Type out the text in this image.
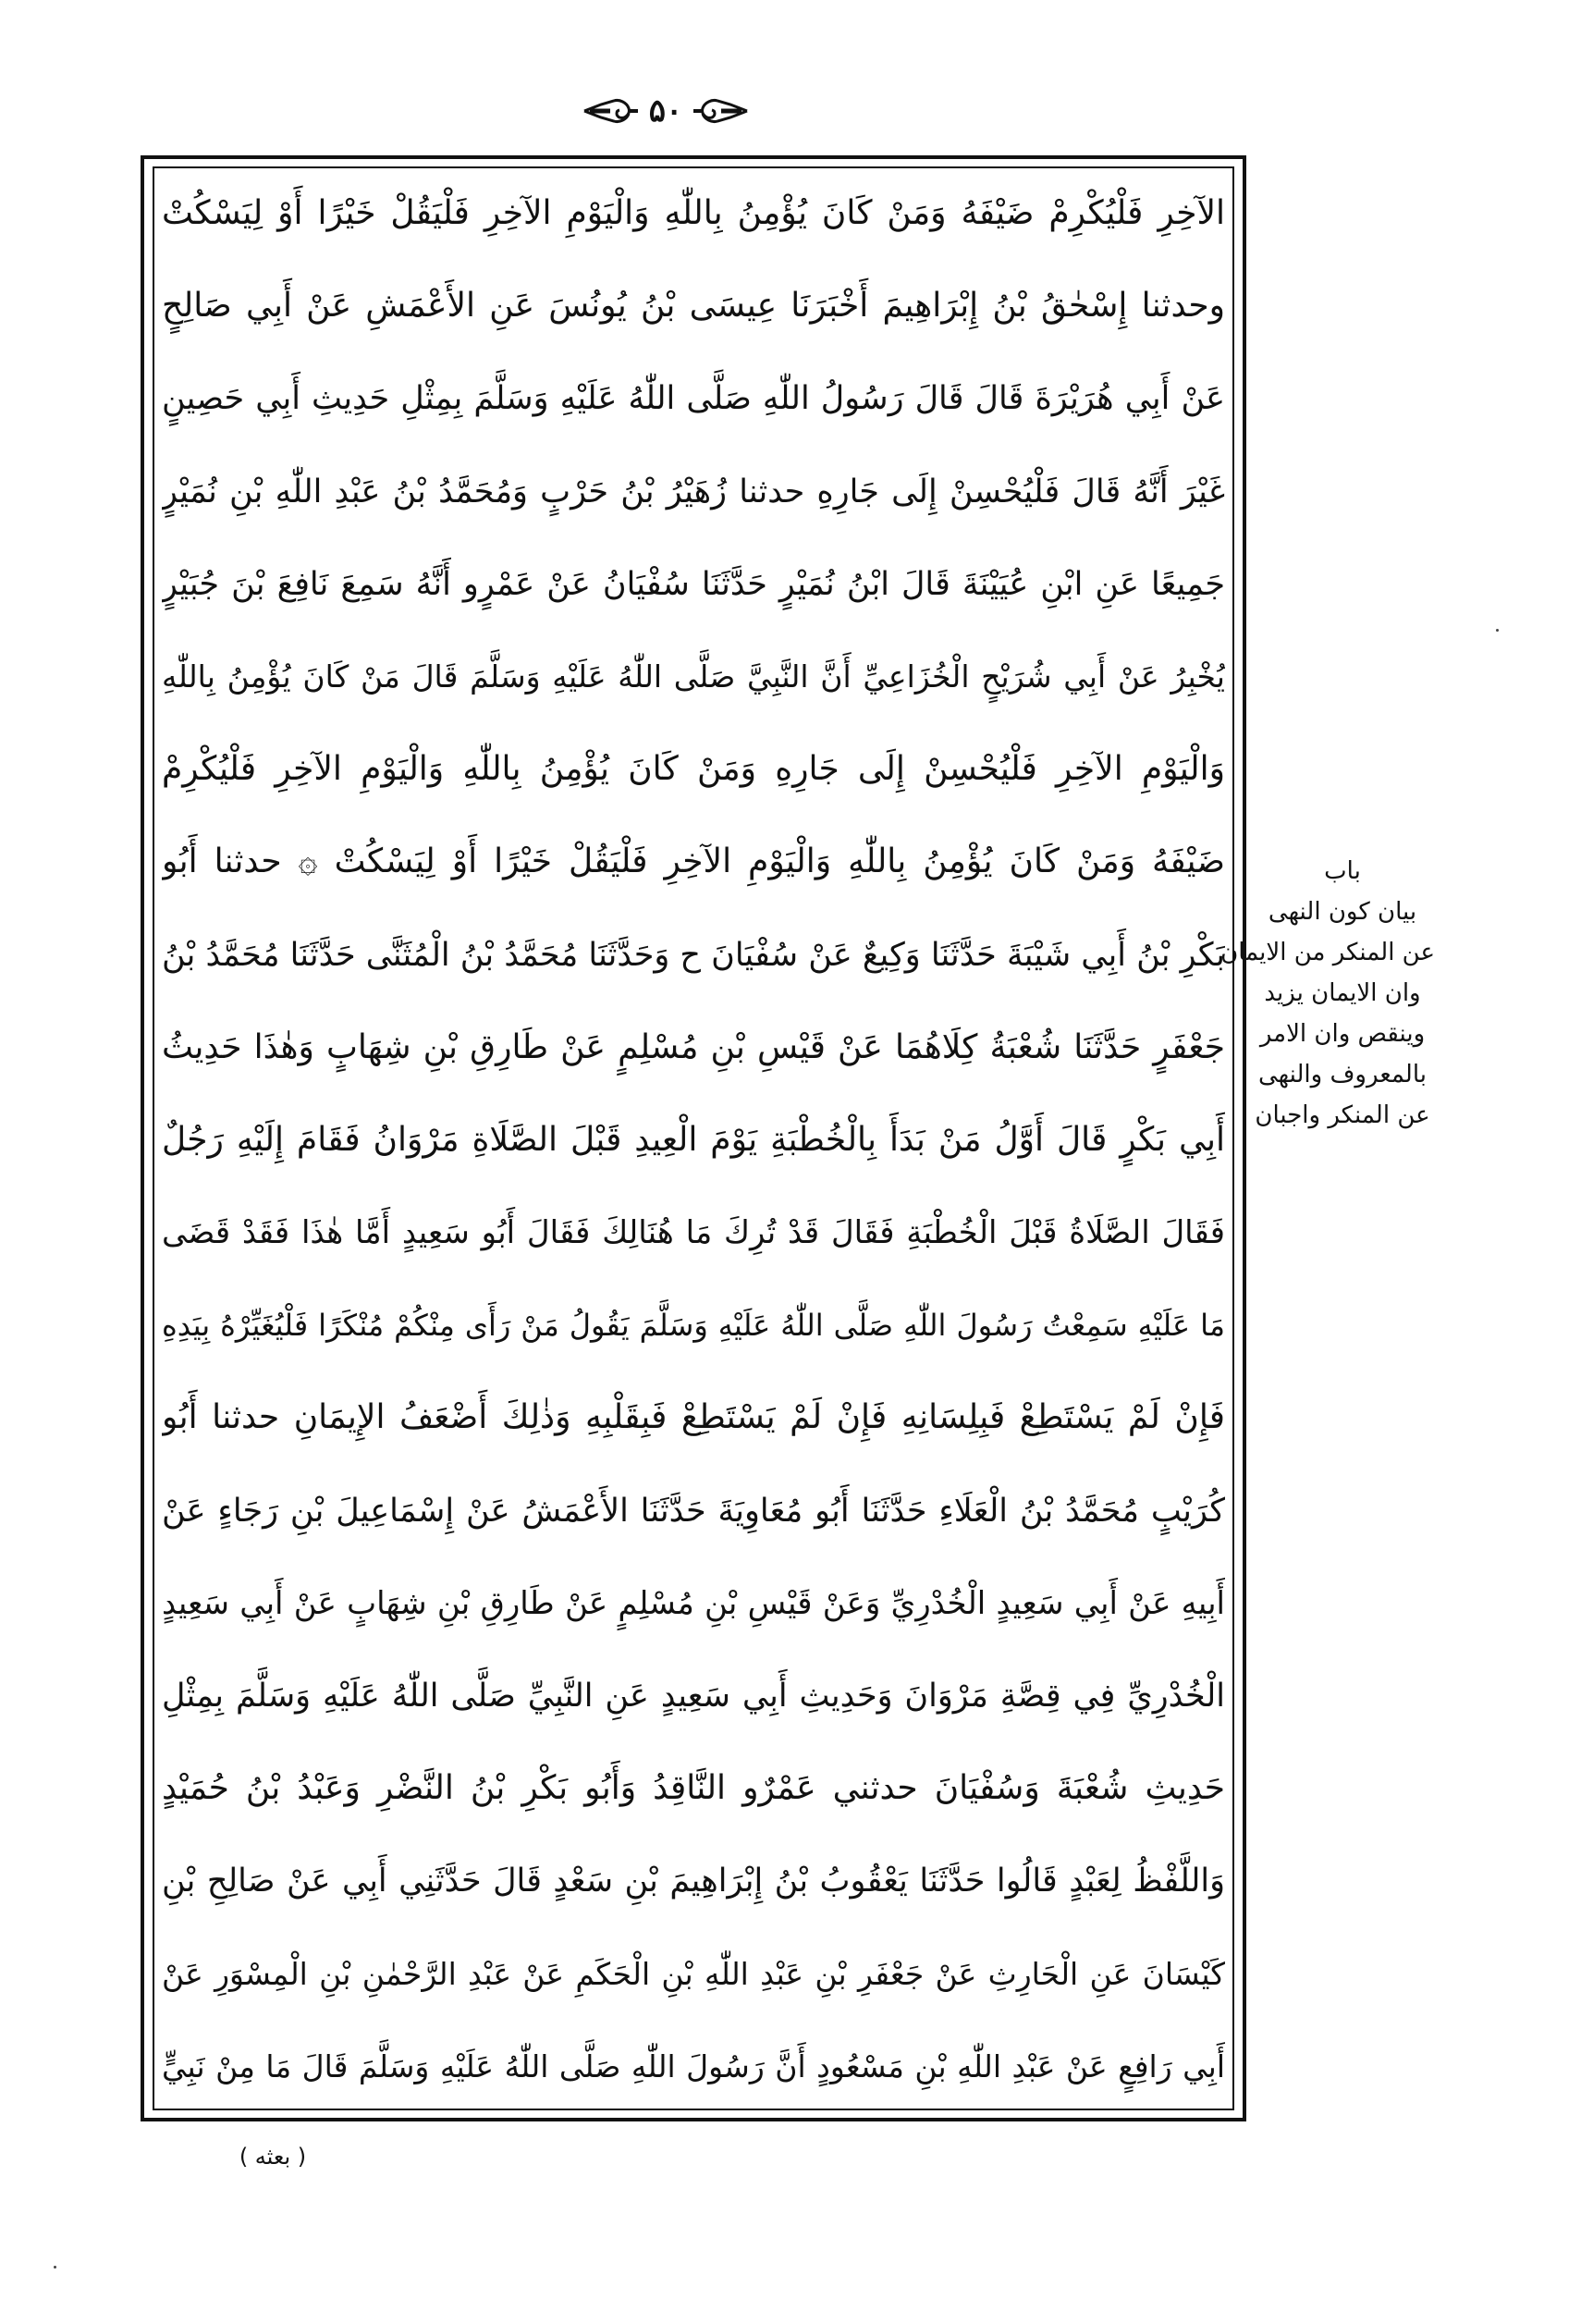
۵۰
الآخِرِ فَلْيُكْرِمْ ضَيْفَهُ وَمَنْ كَانَ يُؤْمِنُ بِاللّٰهِ وَالْيَوْمِ الآخِرِ فَلْيَقُلْ خَيْرًا أَوْ لِيَسْكُتْ
وحدثنا إِسْحٰقُ بْنُ إِبْرَاهِيمَ أَخْبَرَنَا عِيسَى بْنُ يُونُسَ عَنِ الأَعْمَشِ عَنْ أَبِي صَالِحٍ
عَنْ أَبِي هُرَيْرَةَ قَالَ قَالَ رَسُولُ اللّٰهِ صَلَّى اللّٰهُ عَلَيْهِ وَسَلَّمَ بِمِثْلِ حَدِيثِ أَبِي حَصِينٍ
غَيْرَ أَنَّهُ قَالَ فَلْيُحْسِنْ إِلَى جَارِهِ حدثنا زُهَيْرُ بْنُ حَرْبٍ وَمُحَمَّدُ بْنُ عَبْدِ اللّٰهِ بْنِ نُمَيْرٍ
جَمِيعًا عَنِ ابْنِ عُيَيْنَةَ قَالَ ابْنُ نُمَيْرٍ حَدَّثَنَا سُفْيَانُ عَنْ عَمْرٍو أَنَّهُ سَمِعَ نَافِعَ بْنَ جُبَيْرٍ
يُخْبِرُ عَنْ أَبِي شُرَيْحٍ الْخُزَاعِيِّ أَنَّ النَّبِيَّ صَلَّى اللّٰهُ عَلَيْهِ وَسَلَّمَ قَالَ مَنْ كَانَ يُؤْمِنُ بِاللّٰهِ
وَالْيَوْمِ الآخِرِ فَلْيُحْسِنْ إِلَى جَارِهِ وَمَنْ كَانَ يُؤْمِنُ بِاللّٰهِ وَالْيَوْمِ الآخِرِ فَلْيُكْرِمْ
ضَيْفَهُ وَمَنْ كَانَ يُؤْمِنُ بِاللّٰهِ وَالْيَوْمِ الآخِرِ فَلْيَقُلْ خَيْرًا أَوْ لِيَسْكُتْ ۞ حدثنا أَبُو
بَكْرِ بْنُ أَبِي شَيْبَةَ حَدَّثَنَا وَكِيعٌ عَنْ سُفْيَانَ ح وَحَدَّثَنَا مُحَمَّدُ بْنُ الْمُثَنَّى حَدَّثَنَا مُحَمَّدُ بْنُ
جَعْفَرٍ حَدَّثَنَا شُعْبَةُ كِلَاهُمَا عَنْ قَيْسِ بْنِ مُسْلِمٍ عَنْ طَارِقِ بْنِ شِهَابٍ وَهٰذَا حَدِيثُ
أَبِي بَكْرٍ قَالَ أَوَّلُ مَنْ بَدَأَ بِالْخُطْبَةِ يَوْمَ الْعِيدِ قَبْلَ الصَّلَاةِ مَرْوَانُ فَقَامَ إِلَيْهِ رَجُلٌ
فَقَالَ الصَّلَاةُ قَبْلَ الْخُطْبَةِ فَقَالَ قَدْ تُرِكَ مَا هُنَالِكَ فَقَالَ أَبُو سَعِيدٍ أَمَّا هٰذَا فَقَدْ قَضَى
مَا عَلَيْهِ سَمِعْتُ رَسُولَ اللّٰهِ صَلَّى اللّٰهُ عَلَيْهِ وَسَلَّمَ يَقُولُ مَنْ رَأَى مِنْكُمْ مُنْكَرًا فَلْيُغَيِّرْهُ بِيَدِهِ
فَإِنْ لَمْ يَسْتَطِعْ فَبِلِسَانِهِ فَإِنْ لَمْ يَسْتَطِعْ فَبِقَلْبِهِ وَذٰلِكَ أَضْعَفُ الإِيمَانِ حدثنا أَبُو
كُرَيْبٍ مُحَمَّدُ بْنُ الْعَلَاءِ حَدَّثَنَا أَبُو مُعَاوِيَةَ حَدَّثَنَا الأَعْمَشُ عَنْ إِسْمَاعِيلَ بْنِ رَجَاءٍ عَنْ
أَبِيهِ عَنْ أَبِي سَعِيدٍ الْخُدْرِيِّ وَعَنْ قَيْسِ بْنِ مُسْلِمٍ عَنْ طَارِقِ بْنِ شِهَابٍ عَنْ أَبِي سَعِيدٍ
الْخُدْرِيِّ فِي قِصَّةِ مَرْوَانَ وَحَدِيثِ أَبِي سَعِيدٍ عَنِ النَّبِيِّ صَلَّى اللّٰهُ عَلَيْهِ وَسَلَّمَ بِمِثْلِ
حَدِيثِ شُعْبَةَ وَسُفْيَانَ حدثني عَمْرٌو النَّاقِدُ وَأَبُو بَكْرِ بْنُ النَّضْرِ وَعَبْدُ بْنُ حُمَيْدٍ
وَاللَّفْظُ لِعَبْدٍ قَالُوا حَدَّثَنَا يَعْقُوبُ بْنُ إِبْرَاهِيمَ بْنِ سَعْدٍ قَالَ حَدَّثَنِي أَبِي عَنْ صَالِحِ بْنِ
كَيْسَانَ عَنِ الْحَارِثِ عَنْ جَعْفَرِ بْنِ عَبْدِ اللّٰهِ بْنِ الْحَكَمِ عَنْ عَبْدِ الرَّحْمٰنِ بْنِ الْمِسْوَرِ عَنْ
أَبِي رَافِعٍ عَنْ عَبْدِ اللّٰهِ بْنِ مَسْعُودٍ أَنَّ رَسُولَ اللّٰهِ صَلَّى اللّٰهُ عَلَيْهِ وَسَلَّمَ قَالَ مَا مِنْ نَبِيٍّ
باب
بيان كون النهى
عن المنكر من الايمان
وان الايمان يزيد
وينقص وان الامر
بالمعروف والنهى
عن المنكر واجبان
( بعثه )
